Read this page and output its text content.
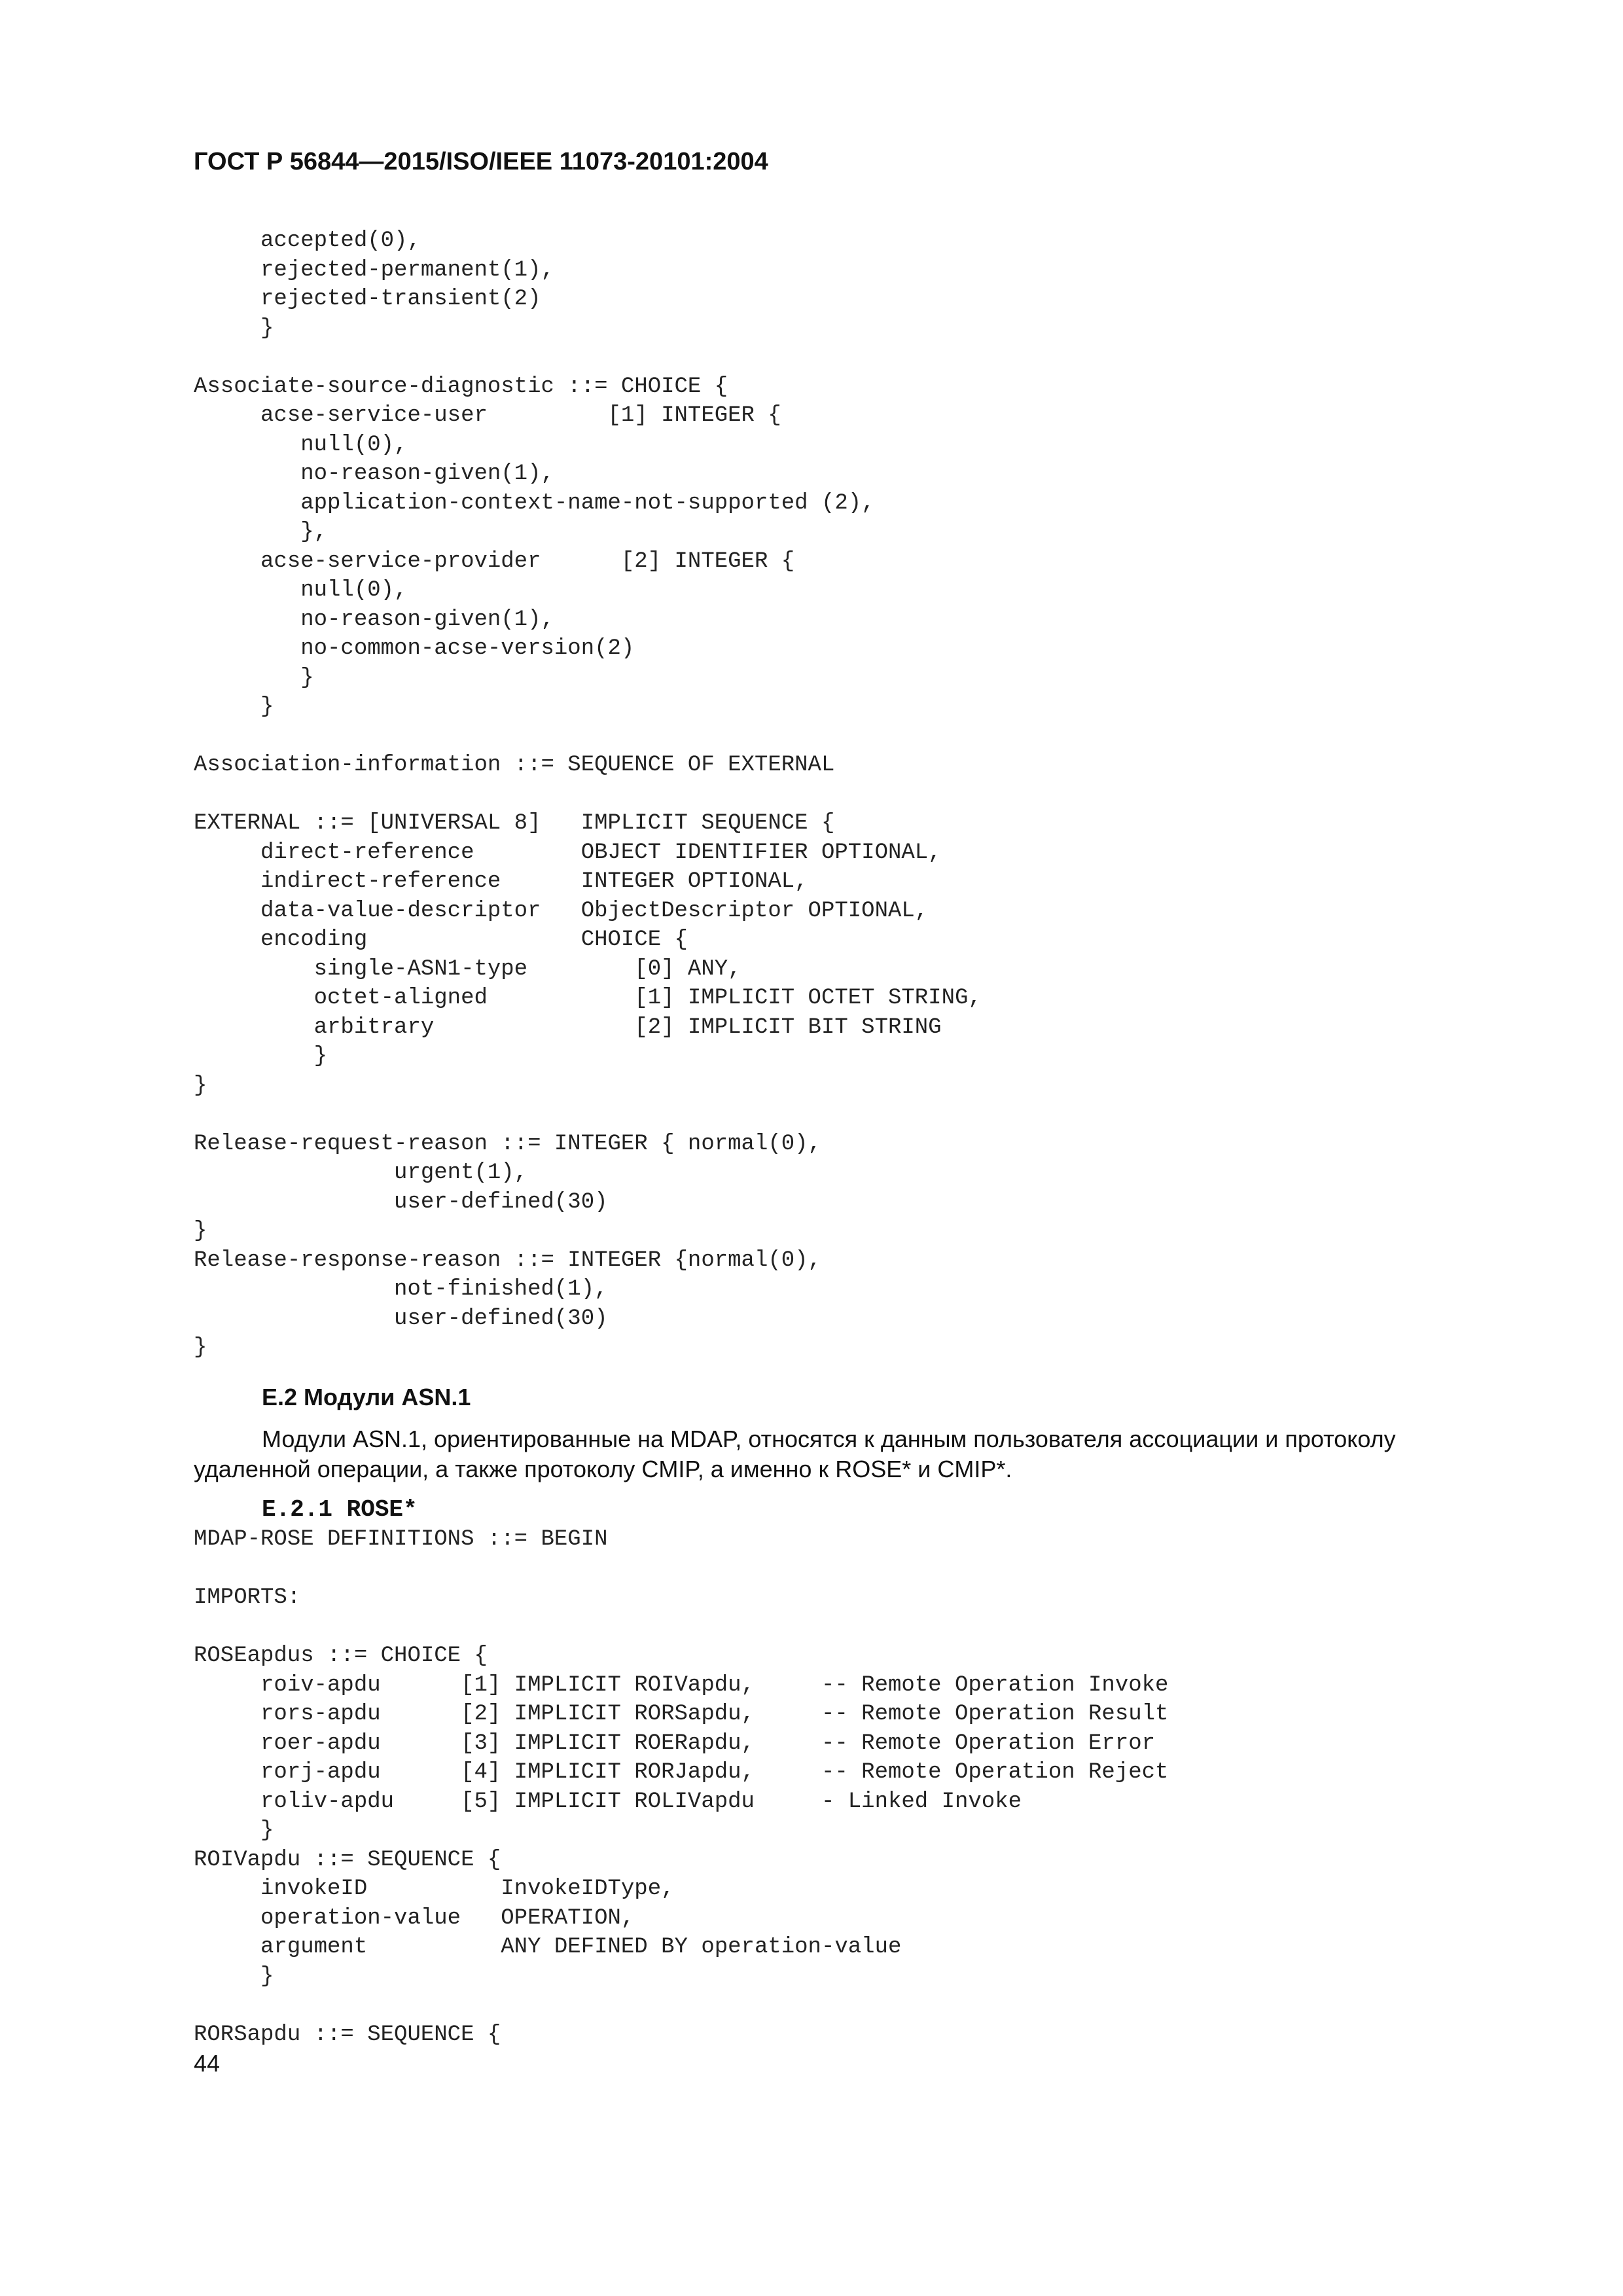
ГОСТ Р 56844—2015/ISO/IEEE 11073-20101:2004
accepted(0),
rejected-permanent(1),
rejected-transient(2)
}
Associate-source-diagnostic ::= CHOICE {
acse-service-user         [1] INTEGER {
null(0),
no-reason-given(1),
application-context-name-not-supported (2),
},
acse-service-provider      [2] INTEGER {
null(0),
no-reason-given(1),
no-common-acse-version(2)
}
}
Association-information ::= SEQUENCE OF EXTERNAL
EXTERNAL ::= [UNIVERSAL 8]   IMPLICIT SEQUENCE {
direct-reference        OBJECT IDENTIFIER OPTIONAL,
indirect-reference      INTEGER OPTIONAL,
data-value-descriptor   ObjectDescriptor OPTIONAL,
encoding                CHOICE {
single-ASN1-type        [0] ANY,
octet-aligned           [1] IMPLICIT OCTET STRING,
arbitrary               [2] IMPLICIT BIT STRING
}
}
Release-request-reason ::= INTEGER { normal(0),
urgent(1),
user-defined(30)
}
Release-response-reason ::= INTEGER {normal(0),
not-finished(1),
user-defined(30)
}
Е.2 Модули ASN.1

Модули ASN.1, ориентированные на MDAP, относятся к данным пользователя ассоциации и протоколу удаленной операции, а также протоколу CMIP, а именно к ROSE* и CMIP*.

E.2.1 ROSE*
MDAP-ROSE DEFINITIONS ::= BEGIN
IMPORTS:
ROSEapdus ::= CHOICE {
roiv-apdu      [1] IMPLICIT ROIVapdu,     -- Remote Operation Invoke
rors-apdu      [2] IMPLICIT RORSapdu,     -- Remote Operation Result
roer-apdu      [3] IMPLICIT ROERapdu,     -- Remote Operation Error
rorj-apdu      [4] IMPLICIT RORJapdu,     -- Remote Operation Reject
roliv-apdu     [5] IMPLICIT ROLIVapdu     - Linked Invoke
}
ROIVapdu ::= SEQUENCE {
invokeID          InvokeIDType,
operation-value   OPERATION,
argument          ANY DEFINED BY operation-value
}
RORSapdu ::= SEQUENCE {
44
